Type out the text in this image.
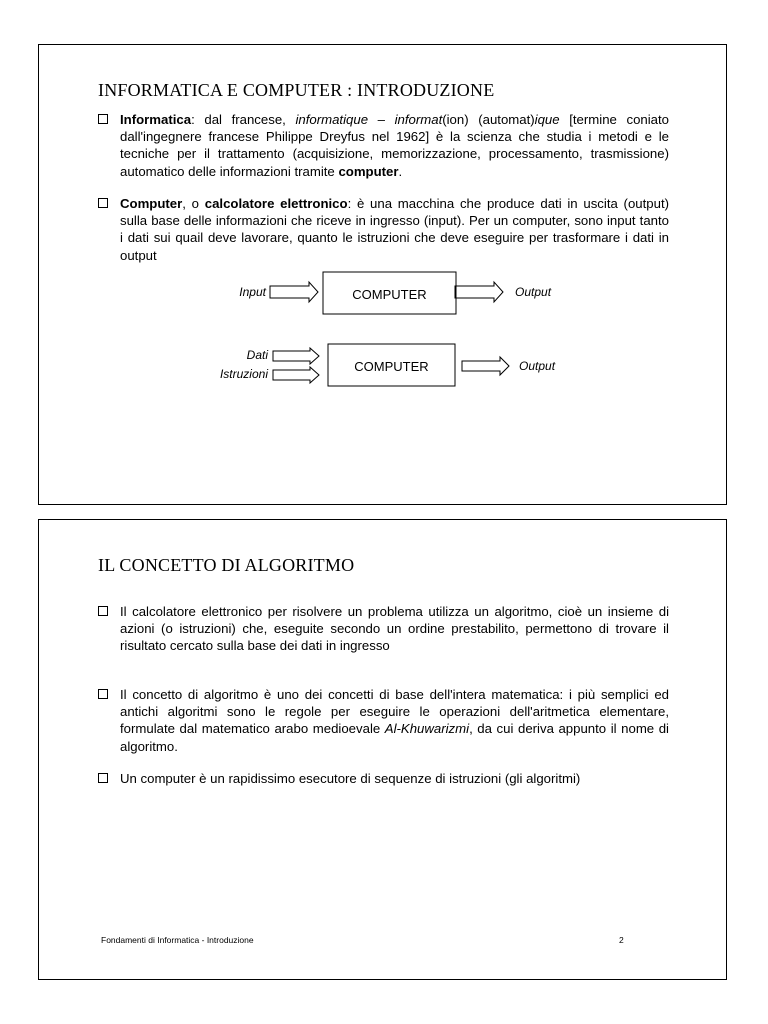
INFORMATICA E COMPUTER : INTRODUZIONE
Informatica: dal francese, informatique – informat(ion) (automat)ique [termine coniato dall'ingegnere francese Philippe Dreyfus nel 1962] è la scienza che studia i metodi e le tecniche per il trattamento (acquisizione, memorizzazione, processamento, trasmissione) automatico delle informazioni tramite computer.
Computer, o calcolatore elettronico: è una macchina che produce dati in uscita (output) sulla base delle informazioni che riceve in ingresso (input). Per un computer, sono input tanto i dati sui quail deve lavorare, quanto le istruzioni che deve eseguire per trasformare i dati in output
Input	COMPUTER	Output
Dati
Istruzioni	COMPUTER	Output
IL CONCETTO DI ALGORITMO
Il calcolatore elettronico per risolvere un problema utilizza un algoritmo, cioè un insieme di azioni (o istruzioni) che, eseguite secondo un ordine prestabilito, permettono di trovare il risultato cercato sulla base dei dati in ingresso
Il concetto di algoritmo è uno dei concetti di base dell'intera matematica: i più semplici ed antichi algoritmi sono le regole per eseguire le operazioni dell'aritmetica elementare, formulate dal matematico arabo medioevale Al-Khuwarizmi, da cui deriva appunto il nome di algoritmo.
Un computer è un rapidissimo esecutore di sequenze di istruzioni (gli algoritmi)
Fondamenti di Informatica - Introduzione	2
